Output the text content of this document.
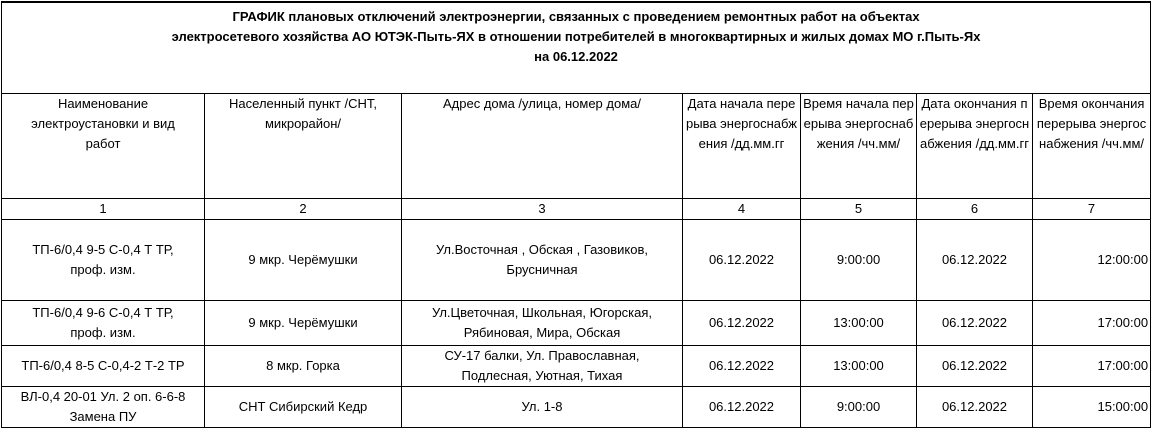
ГРАФИК плановых отключений электроэнергии, связанных с проведением ремонтных работ на объектах
электросетевого хозяйства АО ЮТЭК-Пыть-ЯХ в отношении потребителей в многоквартирных и жилых домах МО г.Пыть-Ях
на 06.12.2022						

Наименование электроустановки и вид работ	Населенный пункт /СНТ, микрорайон/	Адрес дома /улица, номер дома/	Дата начала перерыва энергоснабжения /дд.мм.гг	Время начала перерыва энергоснабжения /чч.мм/	Дата окончания перерыва энергоснабжения /дд.мм.гг	Время окончания перерыва энергоснабжения /чч.мм/
1	2	3	4	5	6	7
ТП-6/0,4 9-5 С-0,4 Т ТР, проф. изм.	9 мкр. Черёмушки	Ул.Восточная , Обская , Газовиков, Брусничная	06.12.2022	9:00:00	06.12.2022	12:00:00
ТП-6/0,4 9-6 С-0,4 Т ТР, проф. изм.	9 мкр. Черёмушки	Ул.Цветочная, Школьная, Югорская, Рябиновая, Мира, Обская	06.12.2022	13:00:00	06.12.2022	17:00:00
ТП-6/0,4 8-5 С-0,4-2 Т-2 ТР	8 мкр. Горка	СУ-17 балки, Ул. Православная, Подлесная, Уютная, Тихая	06.12.2022	13:00:00	06.12.2022	17:00:00
ВЛ-0,4 20-01 Ул. 2 оп. 6-6-8 Замена ПУ	СНТ Сибирский Кедр	Ул. 1-8	06.12.2022	9:00:00	06.12.2022	15:00:00
